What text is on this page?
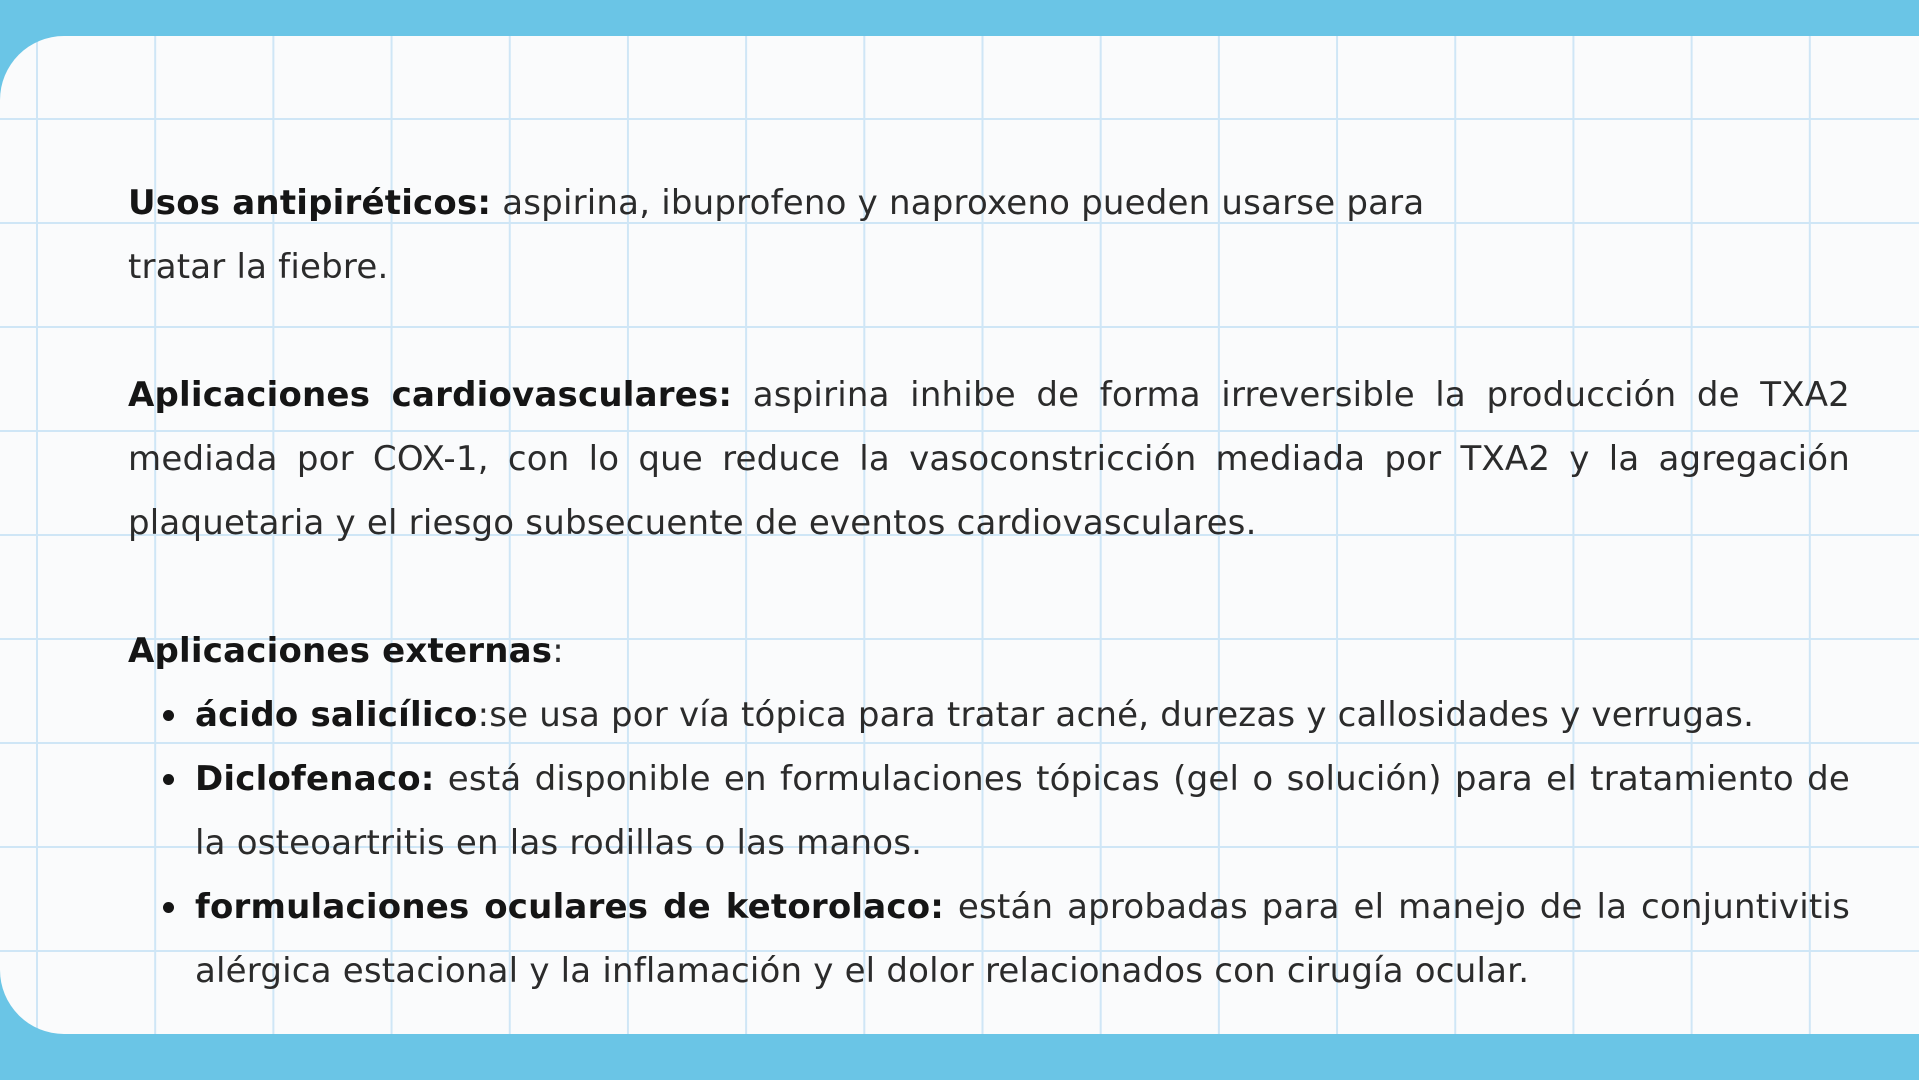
Usos antipiréticos: aspirina, ibuprofeno y naproxeno pueden usarse para tratar la fiebre.

Aplicaciones cardiovasculares: aspirina inhibe de forma irreversible la producción de TXA2 mediada por COX-1, con lo que reduce la vasoconstricción mediada por TXA2 y la agregación plaquetaria y el riesgo subsecuente de eventos cardiovasculares.

Aplicaciones externas:
ácido salicílico:se usa por vía tópica para tratar acné, durezas y callosidades y verrugas.
Diclofenaco: está disponible en formulaciones tópicas (gel o solución) para el tratamiento de la osteoartritis en las rodillas o las manos.
formulaciones oculares de ketorolaco: están aprobadas para el manejo de la conjuntivitis alérgica estacional y la inflamación y el dolor relacionados con cirugía ocular.
